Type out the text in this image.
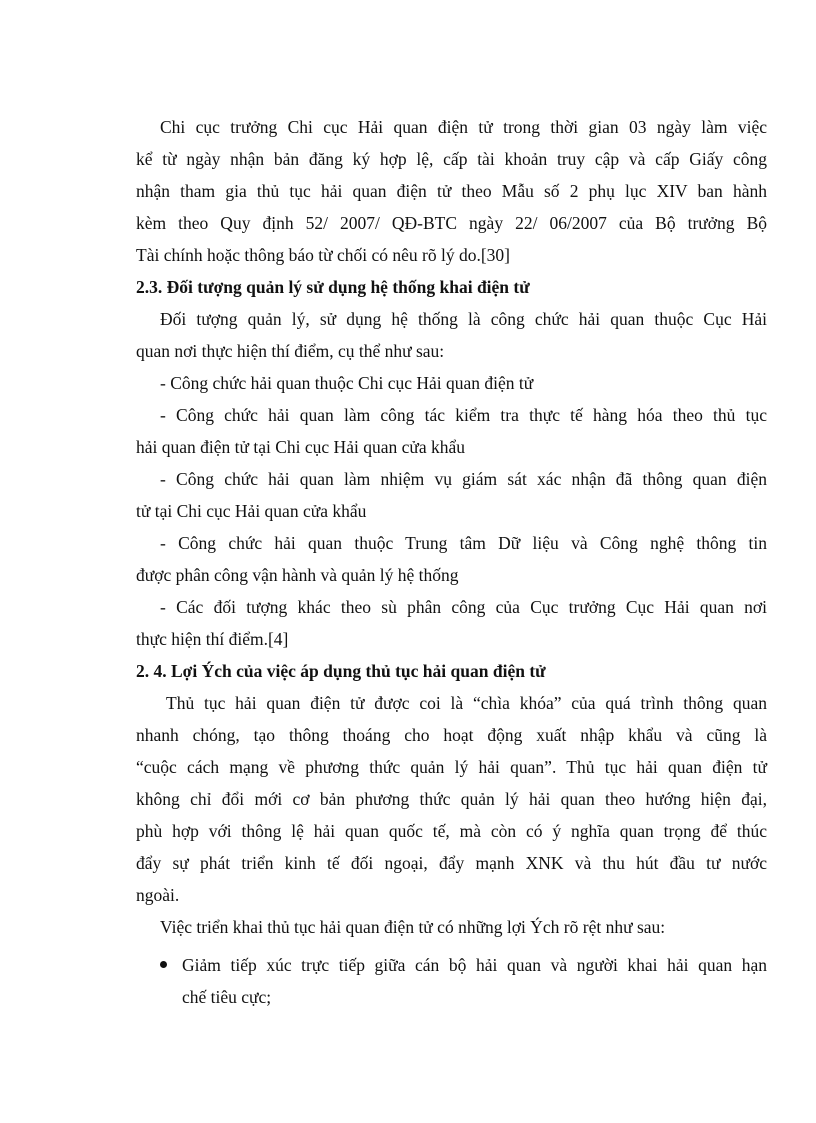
Chi cục trưởng Chi cục Hải quan điện tử trong thời gian 03 ngày làm việc
kể từ ngày nhận bản đăng ký hợp lệ, cấp tài khoản truy cập và cấp Giấy công
nhận tham gia thủ tục hải quan điện tử theo Mẫu số 2 phụ lục XIV ban hành
kèm theo Quy định 52/ 2007/ QĐ-BTC ngày 22/ 06/2007 của Bộ trưởng Bộ
Tài chính hoặc thông báo từ chối có nêu rõ lý do.[30]
2.3. Đối tượng quản lý sử dụng hệ thống khai điện tử
Đối tượng quản lý, sử dụng hệ thống là công chức hải quan thuộc Cục Hải
quan nơi thực hiện thí điểm, cụ thể như sau:
- Công chức hải quan thuộc Chi cục Hải quan điện tử
- Công chức hải quan làm công tác kiểm tra thực tế hàng hóa theo thủ tục
hải quan điện tử tại Chi cục Hải quan cửa khẩu
- Công chức hải quan làm nhiệm vụ giám sát xác nhận đã thông quan điện
tử tại Chi cục Hải quan cửa khẩu
- Công chức hải quan thuộc Trung tâm Dữ liệu và Công nghệ thông tin
được phân công vận hành và quản lý hệ thống
- Các đối tượng khác theo sù phân công của Cục trưởng Cục Hải quan nơi
thực hiện thí điểm.[4]
2. 4. Lợi Ých của việc áp dụng thủ tục hải quan điện tử
Thủ tục hải quan điện tử được coi là “chìa khóa” của quá trình thông quan
nhanh chóng, tạo thông thoáng cho hoạt động xuất nhập khẩu và cũng là
“cuộc cách mạng về phương thức quản lý hải quan”. Thủ tục hải quan điện tử
không chỉ đổi mới cơ bản phương thức quản lý hải quan theo hướng hiện đại,
phù hợp với thông lệ hải quan quốc tế, mà còn có ý nghĩa quan trọng để thúc
đẩy sự phát triển kinh tế đối ngoại, đẩy mạnh XNK và thu hút đầu tư nước
ngoài.
Việc triển khai thủ tục hải quan điện tử có những lợi Ých rõ rệt như sau:
Giảm tiếp xúc trực tiếp giữa cán bộ hải quan và người khai hải quan hạn
chế tiêu cực;
